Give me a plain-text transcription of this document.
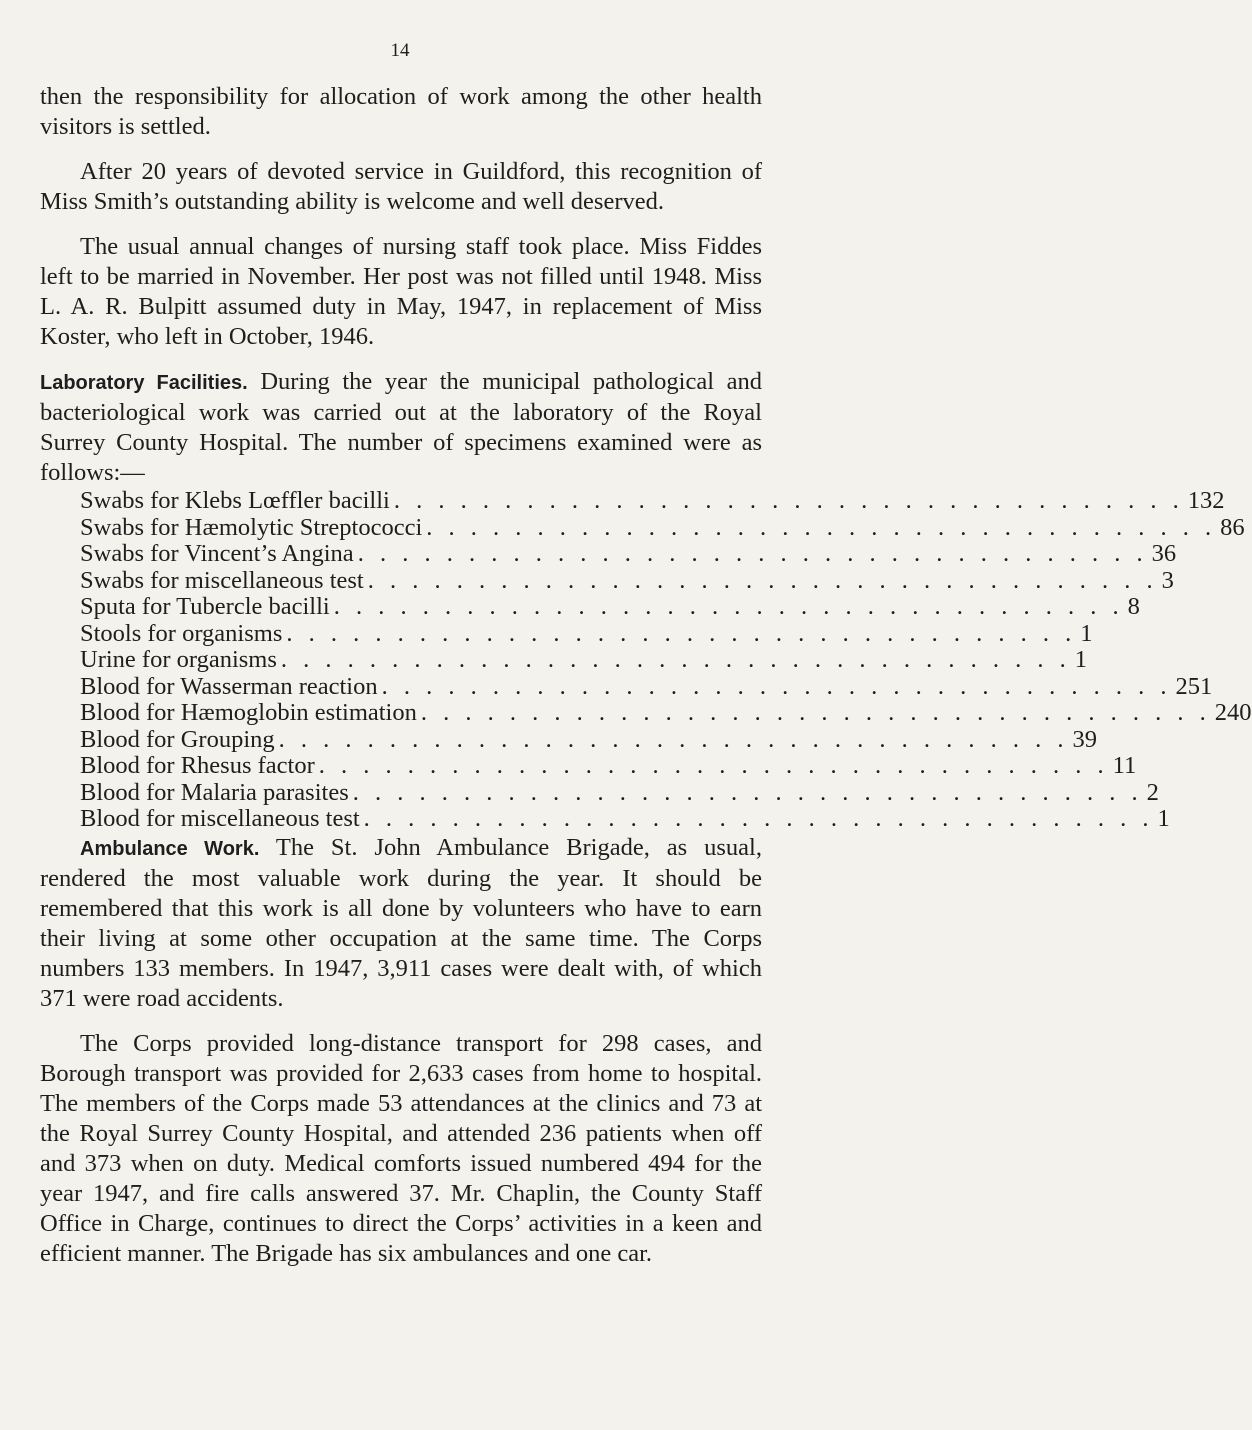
14

then the responsibility for allocation of work among the other health visitors is settled.

After 20 years of devoted service in Guildford, this recognition of Miss Smith’s outstanding ability is welcome and well deserved.

The usual annual changes of nursing staff took place. Miss Fiddes left to be married in November. Her post was not filled until 1948. Miss L. A. R. Bulpitt assumed duty in May, 1947, in replacement of Miss Koster, who left in October, 1946.

Laboratory Facilities. During the year the municipal pathological and bacteriological work was carried out at the laboratory of the Royal Surrey County Hospital. The number of specimens examined were as follows:—

Swabs for Klebs Lœffler bacilli . . . . . . . . . . . . . . . . . . . . . . . . . . . . . . . . . . . . 132
Swabs for Hæmolytic Streptococci . . . . . . . . . . . . . . . . . . . . . . . . . . . . . . . . . . . . 86
Swabs for Vincent’s Angina . . . . . . . . . . . . . . . . . . . . . . . . . . . . . . . . . . . . 36
Swabs for miscellaneous test . . . . . . . . . . . . . . . . . . . . . . . . . . . . . . . . . . . . 3
Sputa for Tubercle bacilli . . . . . . . . . . . . . . . . . . . . . . . . . . . . . . . . . . . . 8
Stools for organisms . . . . . . . . . . . . . . . . . . . . . . . . . . . . . . . . . . . . 1
Urine for organisms . . . . . . . . . . . . . . . . . . . . . . . . . . . . . . . . . . . . 1
Blood for Wasserman reaction . . . . . . . . . . . . . . . . . . . . . . . . . . . . . . . . . . . . 251
Blood for Hæmoglobin estimation . . . . . . . . . . . . . . . . . . . . . . . . . . . . . . . . . . . . 240
Blood for Grouping . . . . . . . . . . . . . . . . . . . . . . . . . . . . . . . . . . . . 39
Blood for Rhesus factor . . . . . . . . . . . . . . . . . . . . . . . . . . . . . . . . . . . . 11
Blood for Malaria parasites . . . . . . . . . . . . . . . . . . . . . . . . . . . . . . . . . . . . 2
Blood for miscellaneous test . . . . . . . . . . . . . . . . . . . . . . . . . . . . . . . . . . . . 1

Ambulance Work. The St. John Ambulance Brigade, as usual, rendered the most valuable work during the year. It should be remembered that this work is all done by volunteers who have to earn their living at some other occupation at the same time. The Corps numbers 133 members. In 1947, 3,911 cases were dealt with, of which 371 were road accidents.

The Corps provided long-distance transport for 298 cases, and Borough transport was provided for 2,633 cases from home to hospital. The members of the Corps made 53 attendances at the clinics and 73 at the Royal Surrey County Hospital, and attended 236 patients when off and 373 when on duty. Medical comforts issued numbered 494 for the year 1947, and fire calls answered 37. Mr. Chaplin, the County Staff Office in Charge, continues to direct the Corps’ activities in a keen and efficient manner. The Brigade has six ambulances and one car.
